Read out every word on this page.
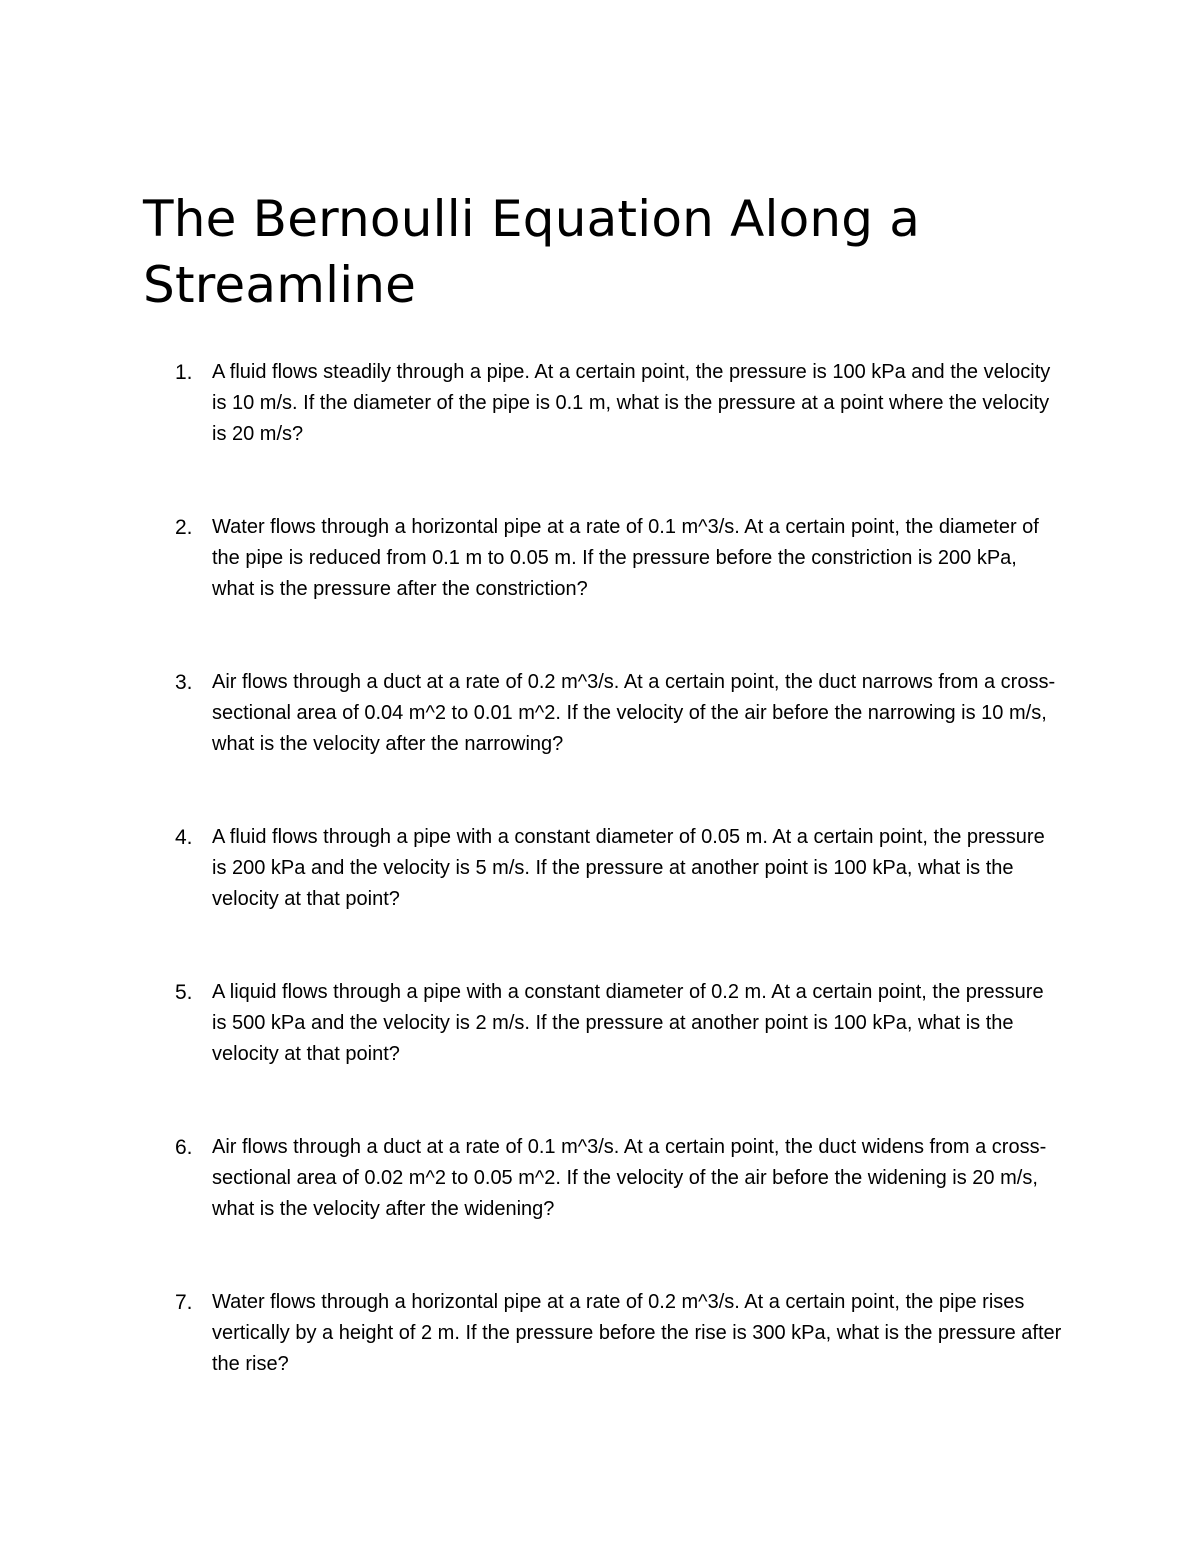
The Bernoulli Equation Along a Streamline
1. A fluid flows steadily through a pipe. At a certain point, the pressure is 100 kPa and the velocity is 10 m/s. If the diameter of the pipe is 0.1 m, what is the pressure at a point where the velocity is 20 m/s?
2. Water flows through a horizontal pipe at a rate of 0.1 m^3/s. At a certain point, the diameter of the pipe is reduced from 0.1 m to 0.05 m. If the pressure before the constriction is 200 kPa, what is the pressure after the constriction?
3. Air flows through a duct at a rate of 0.2 m^3/s. At a certain point, the duct narrows from a cross-sectional area of 0.04 m^2 to 0.01 m^2. If the velocity of the air before the narrowing is 10 m/s, what is the velocity after the narrowing?
4. A fluid flows through a pipe with a constant diameter of 0.05 m. At a certain point, the pressure is 200 kPa and the velocity is 5 m/s. If the pressure at another point is 100 kPa, what is the velocity at that point?
5. A liquid flows through a pipe with a constant diameter of 0.2 m. At a certain point, the pressure is 500 kPa and the velocity is 2 m/s. If the pressure at another point is 100 kPa, what is the velocity at that point?
6. Air flows through a duct at a rate of 0.1 m^3/s. At a certain point, the duct widens from a cross-sectional area of 0.02 m^2 to 0.05 m^2. If the velocity of the air before the widening is 20 m/s, what is the velocity after the widening?
7. Water flows through a horizontal pipe at a rate of 0.2 m^3/s. At a certain point, the pipe rises vertically by a height of 2 m. If the pressure before the rise is 300 kPa, what is the pressure after the rise?
